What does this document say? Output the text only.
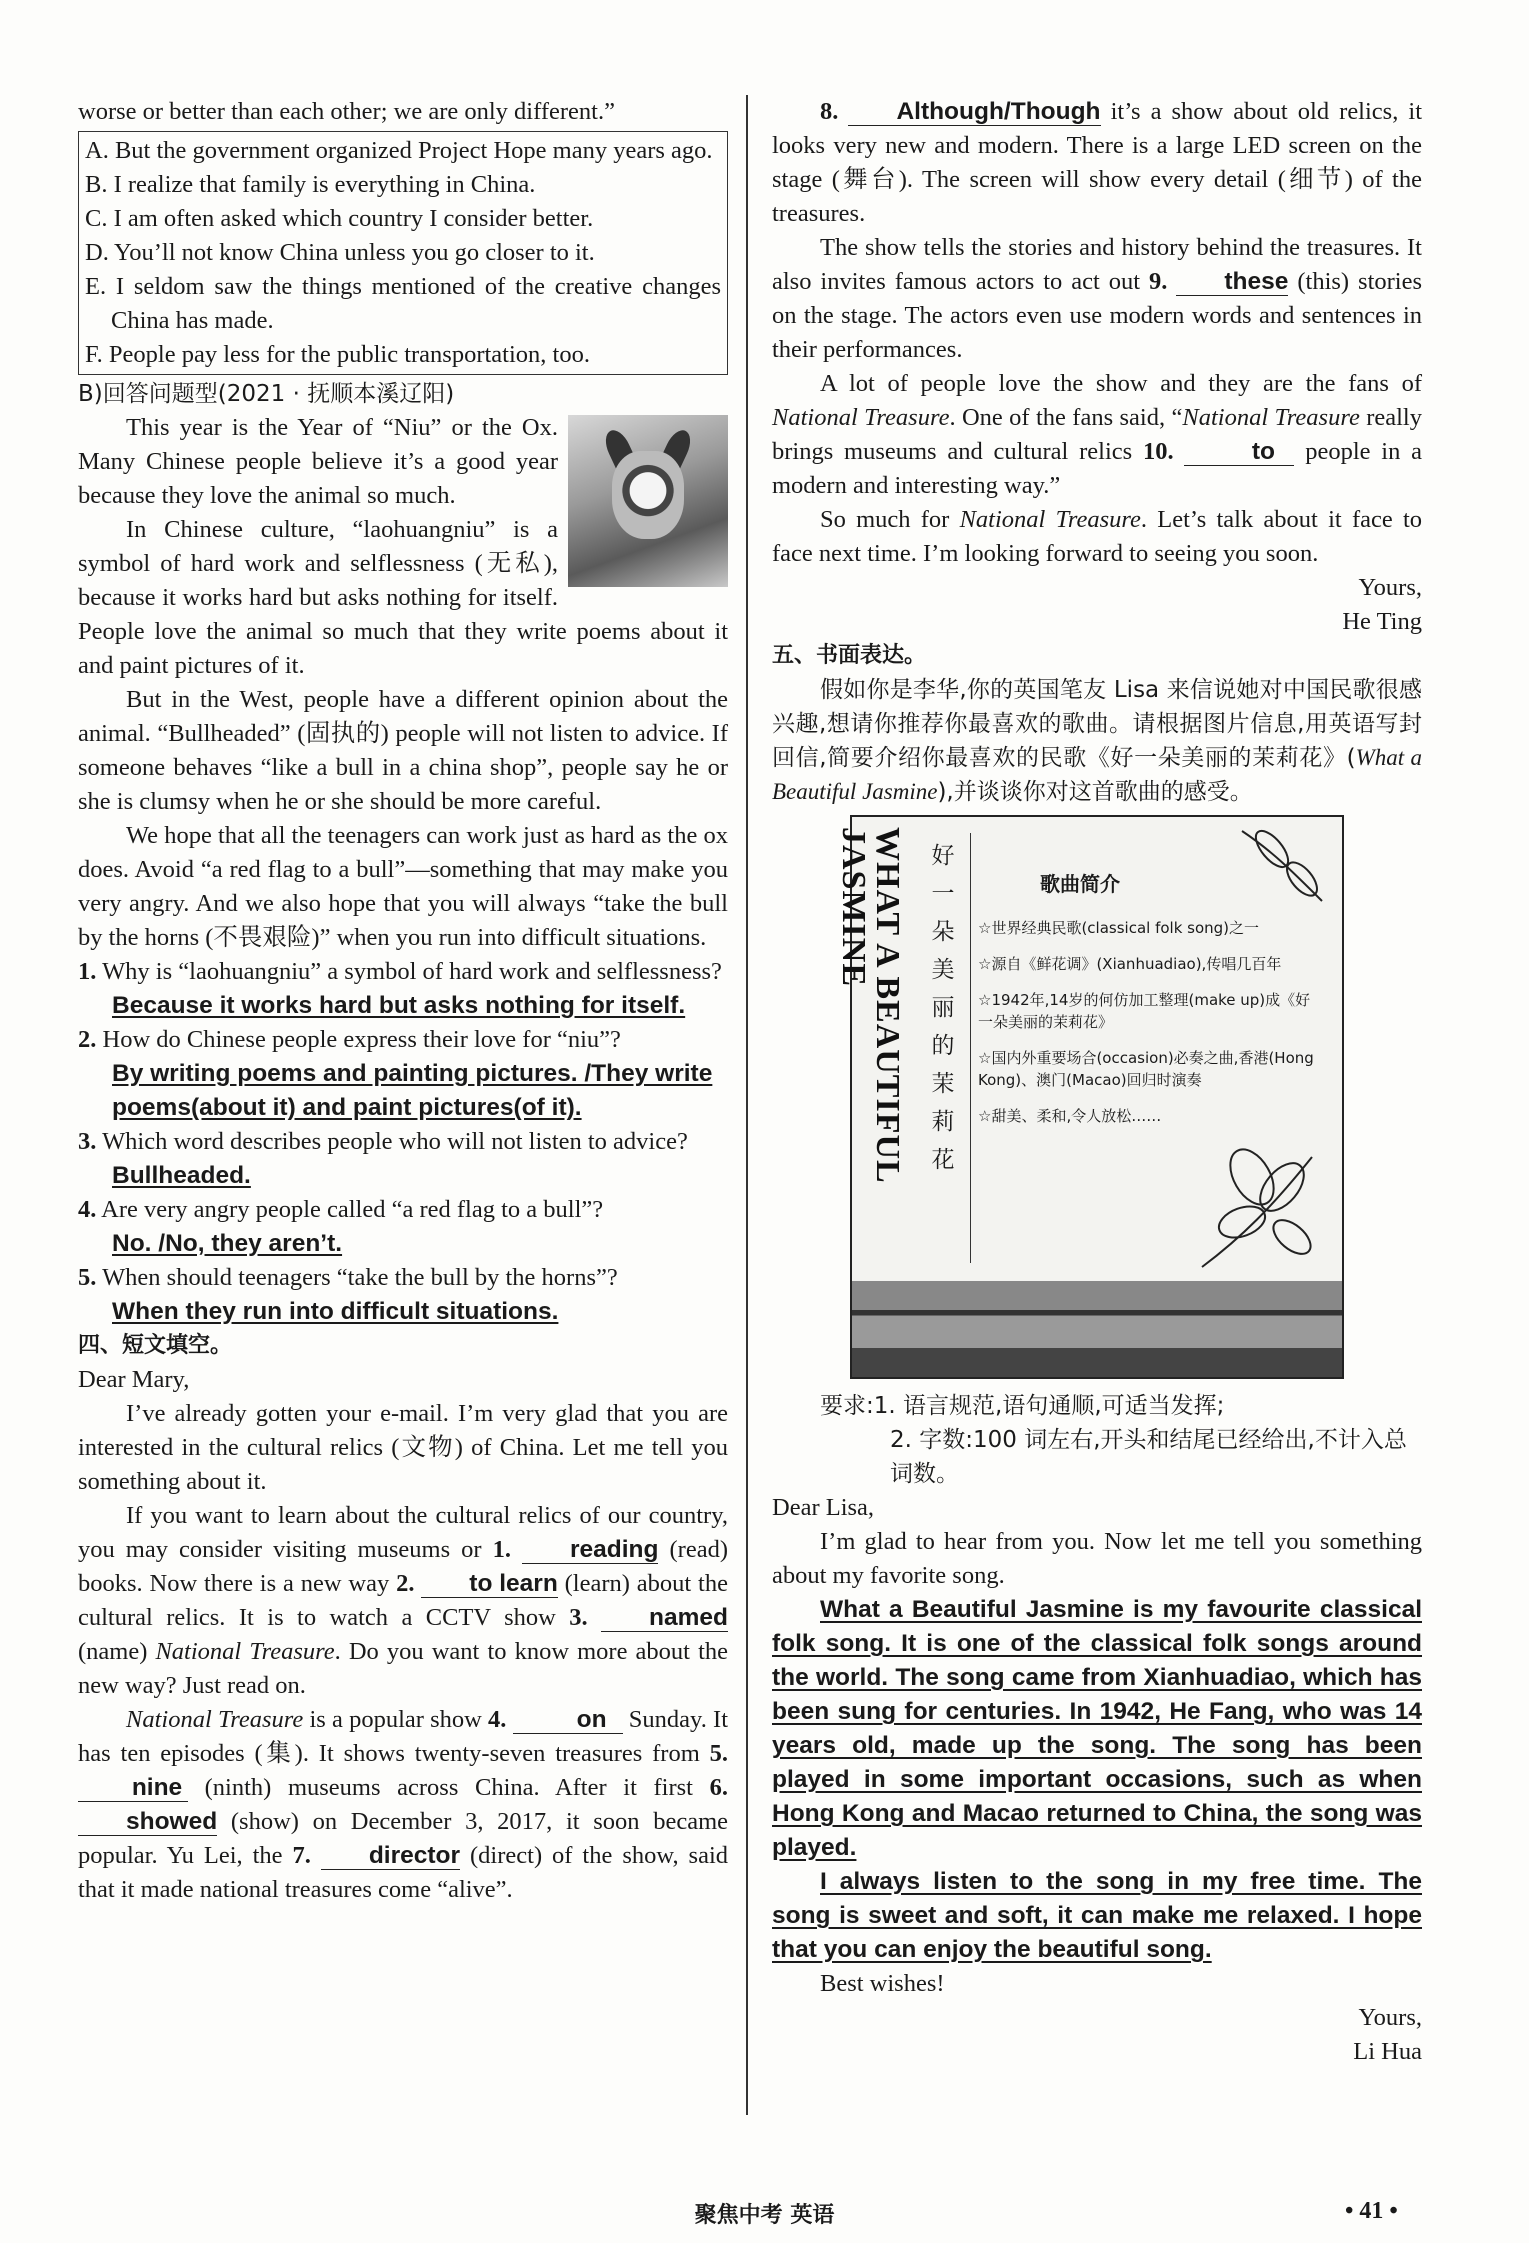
worse or better than each other; we are only different.”

A. But the government organized Project Hope many years ago.

B. I realize that family is everything in China.

C. I am often asked which country I consider better.

D. You’ll not know China unless you go closer to it.

E. I seldom saw the things mentioned of the creative changes China has made.

F. People pay less for the public transportation, too.

B)回答问题型(2021 · 抚顺本溪辽阳)

This year is the Year of “Niu” or the Ox. Many Chinese people believe it’s a good year because they love the animal so much.

In Chinese culture, “laohuangniu” is a symbol of hard work and selflessness (无私), because it works hard but asks nothing for itself. People love the animal so much that they write poems about it and paint pictures of it.

But in the West, people have a different opinion about the animal. “Bullheaded” (固执的) people will not listen to advice. If someone behaves “like a bull in a china shop”, people say he or she is clumsy when he or she should be more careful.

We hope that all the teenagers can work just as hard as the ox does. Avoid “a red flag to a bull”—something that may make you very angry. And we also hope that you will always “take the bull by the horns (不畏艰险)” when you run into difficult situations.

1. Why is “laohuangniu” a symbol of hard work and selflessness?

Because it works hard but asks nothing for itself.

2. How do Chinese people express their love for “niu”?

By writing poems and painting pictures. /They write poems(about it) and paint pictures(of it).

3. Which word describes people who will not listen to advice?

Bullheaded.

4. Are very angry people called “a red flag to a bull”?

No. /No, they aren’t.

5. When should teenagers “take the bull by the horns”?

When they run into difficult situations.

四、短文填空。

Dear Mary,

I’ve already gotten your e-mail. I’m very glad that you are interested in the cultural relics (文物) of China. Let me tell you something about it.

If you want to learn about the cultural relics of our country, you may consider visiting museums or 1. reading (read) books. Now there is a new way 2. to learn (learn) about the cultural relics. It is to watch a CCTV show 3.	named (name) National Treasure. Do you want to know more about the new way? Just read on.

National Treasure is a popular show 4.	on Sunday. It has ten episodes (集). It shows twenty-seven treasures from 5. nine (ninth) museums across China. After it first 6. showed (show) on December 3, 2017, it soon became popular. Yu Lei, the 7. director (direct) of the show, said that it made national treasures come “alive”.

8. Although/Though it’s a show about old relics, it looks very new and modern. There is a large LED screen on the stage (舞台). The screen will show every detail (细节) of the treasures.

The show tells the stories and history behind the treasures. It also invites famous actors to act out 9. these (this) stories on the stage. The actors even use modern words and sentences in their performances.

A lot of people love the show and they are the fans of National Treasure. One of the fans said, “National Treasure really brings museums and cultural relics 10.	to people in a modern and interesting way.”

So much for National Treasure. Let’s talk about it face to face next time. I’m looking forward to seeing you soon.

Yours,

He Ting

五、书面表达。

假如你是李华,你的英国笔友 Lisa 来信说她对中国民歌很感兴趣,想请你推荐你最喜欢的歌曲。请根据图片信息,用英语写封回信,简要介绍你最喜欢的民歌《好一朵美丽的茉莉花》(What a Beautiful Jasmine),并谈谈你对这首歌曲的感受。

WHAT A BEAUTIFUL JASMINE	好
一
朵
美
丽
的
茉
莉
花
歌曲简介
☆世界经典民歌(classical folk song)之一
☆源自《鲜花调》(Xianhuadiao),传唱几百年
☆1942年,14岁的何仿加工整理(make up)成《好一朵美丽的茉莉花》
☆国内外重要场合(occasion)必奏之曲,香港(Hong Kong)、澳门(Macao)回归时演奏
☆甜美、柔和,令人放松……

要求:1. 语言规范,语句通顺,可适当发挥;

2. 字数:100 词左右,开头和结尾已经给出,不计入总词数。

Dear Lisa,

I’m glad to hear from you. Now let me tell you something about my favorite song.

What a Beautiful Jasmine is my favourite classical folk song. It is one of the classical folk songs around the world. The song came from Xianhuadiao, which has been sung for centuries. In 1942, He Fang, who was 14 years old, made up the song. The song has been played in some important occasions, such as when Hong Kong and Macao returned to China, the song was played.

I always listen to the song in my free time. The song is sweet and soft, it can make me relaxed. I hope that you can enjoy the beautiful song.

Best wishes!

Yours,

Li Hua

聚焦中考 英语	• 41 •
